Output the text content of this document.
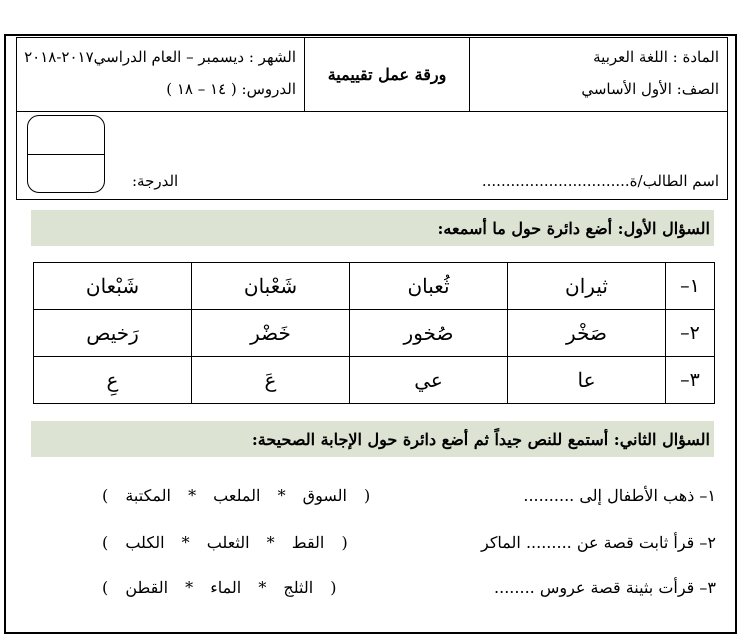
المادة : اللغة العربية
الصف: الأول الأساسي
ورقة عمل تقييمية
الشهر : ديسمبر – العام الدراسي٢٠١٧-٢٠١٨
الدروس: ( ١٤ – ١٨ )
اسم الطالب/ة...............................
الدرجة:
السؤال الأول: أضع دائرة حول ما أسمعه:
١–	ثيران	ثُعبان	شَعْبان	شَبْعان
٢–	صَخْر	صُخور	خَضْر	رَخيص
٣–	عا	عي	عَ	عِ
السؤال الثاني: أستمع للنص جيداً ثم أضع دائرة حول الإجابة الصحيحة:
١– ذهب الأطفال إلى ..........
( السوق * الملعب * المكتبة )
٢– قرأ ثابت قصة عن ......... الماكر
( القط * الثعلب * الكلب )
٣– قرأت بثينة قصة عروس ........
( الثلج * الماء * القطن )
